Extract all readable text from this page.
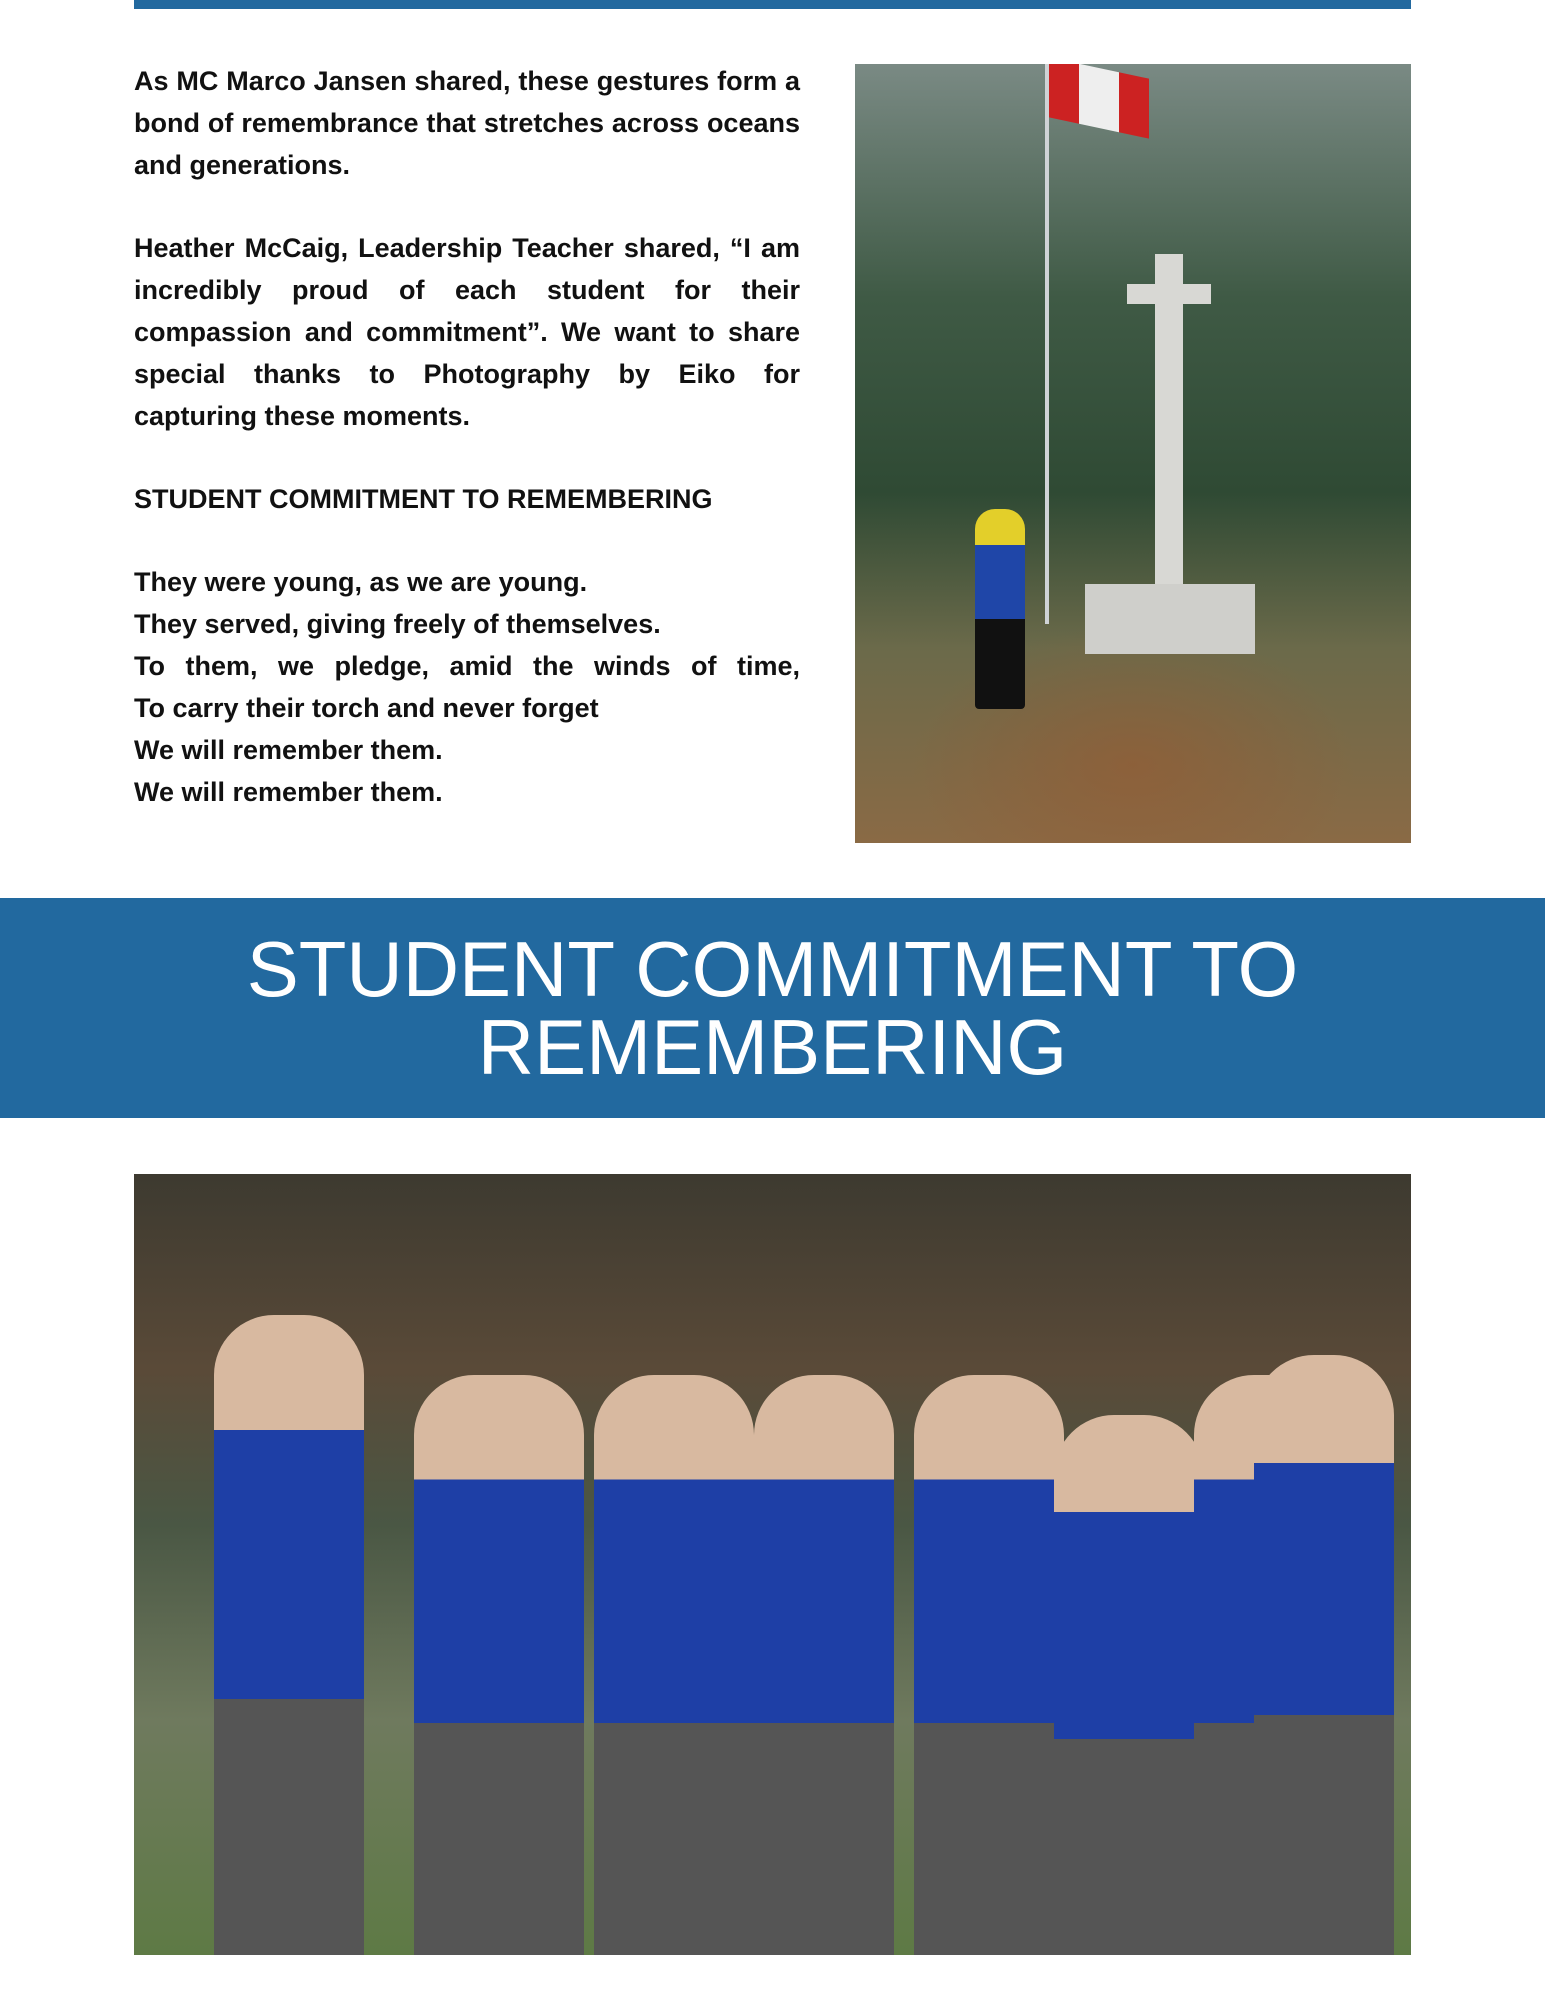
As MC Marco Jansen shared, these gestures form a bond of remembrance that stretches across oceans and generations.

Heather McCaig, Leadership Teacher shared, “I am incredibly proud of each student for their compassion and commitment”. We want to share special thanks to Photography by Eiko for capturing these moments.

STUDENT COMMITMENT TO REMEMBERING

They were young, as we are young.
They served, giving freely of themselves.
To them, we pledge, amid the winds of time,
To carry their torch and never forget
We will remember them.
We will remember them.
STUDENT COMMITMENT TO REMEMBERING
